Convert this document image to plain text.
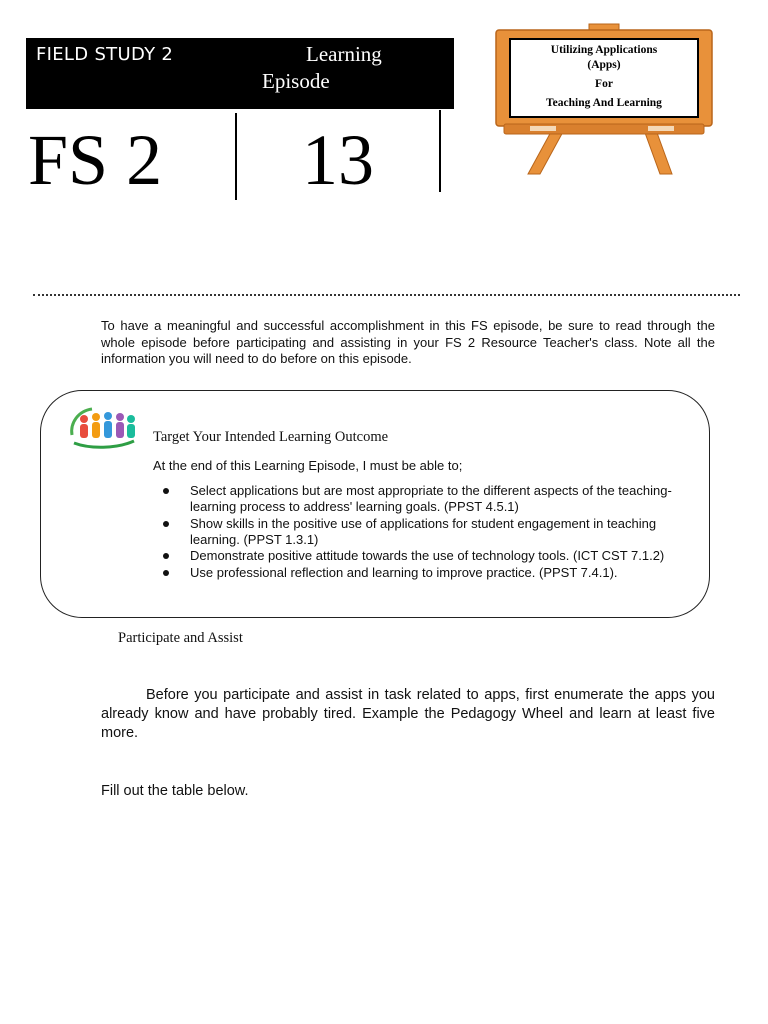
FIELD STUDY 2	Learning Episode
FS 2 13
Utilizing Applications
(Apps)
For
Teaching And Learning
To have a meaningful and successful accomplishment in this FS episode, be sure to read through the whole episode before participating and assisting in your FS 2 Resource Teacher's class. Note all the information you will need to do before on this episode.
Target Your Intended Learning Outcome
At the end of this Learning Episode, I must be able to;
Select applications but are most appropriate to the different aspects of the teaching-learning process to address' learning goals. (PPST 4.5.1)
Show skills in the positive use of applications for student engagement in teaching learning. (PPST 1.3.1)
Demonstrate positive attitude towards the use of technology tools. (ICT CST 7.1.2)
Use professional reflection and learning to improve practice. (PPST 7.4.1).
Participate and Assist
Before you participate and assist in task related to apps, first enumerate the apps you already know and have probably tired. Example the Pedagogy Wheel and learn at least five more.
Fill out the table below.
